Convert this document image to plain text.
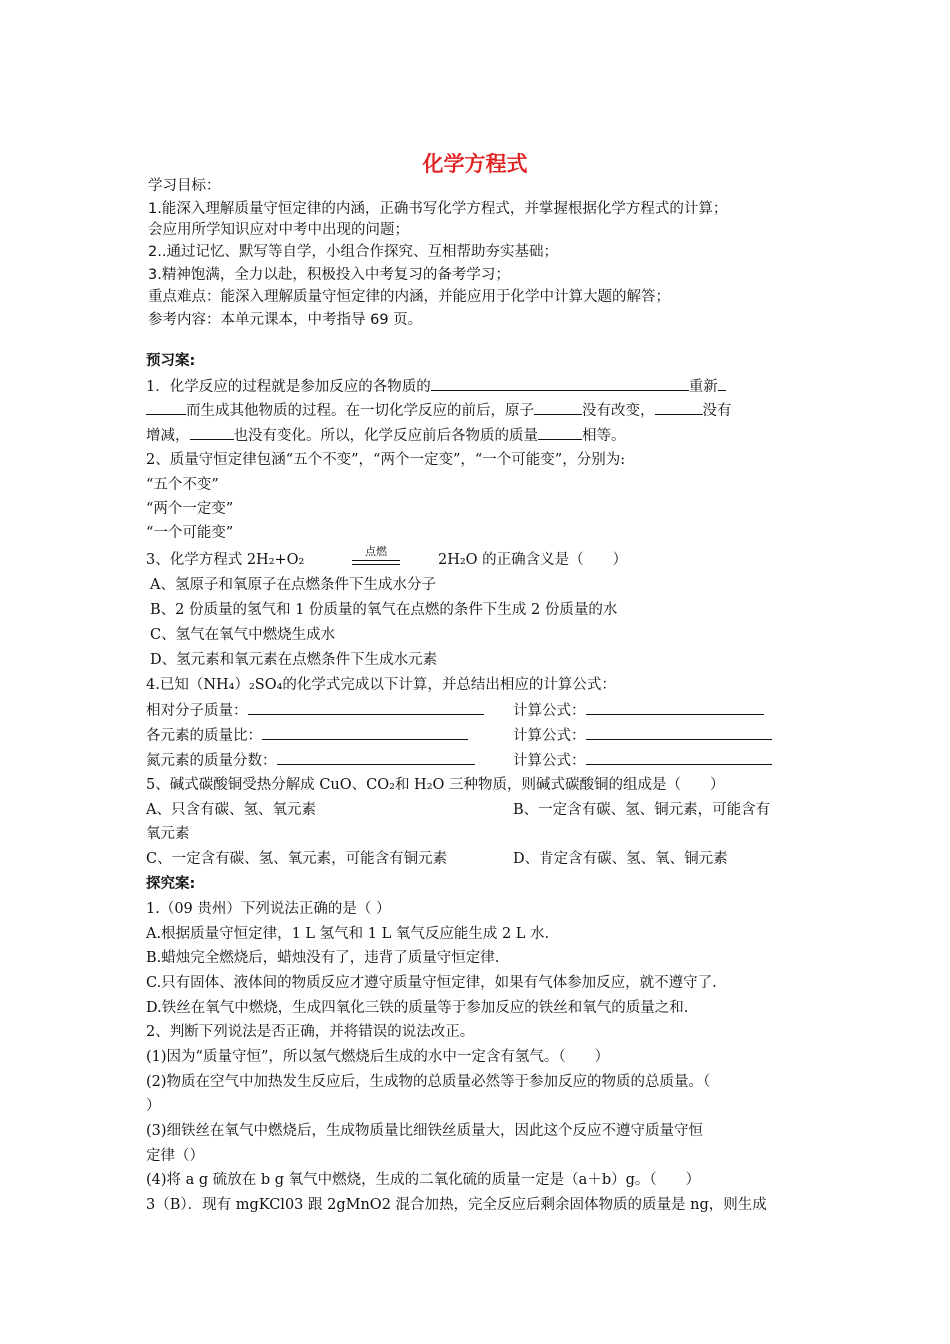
化学方程式
学习目标：
1.能深入理解质量守恒定律的内涵，正确书写化学方程式，并掌握根据化学方程式的计算；
会应用所学知识应对中考中出现的问题；
2..通过记忆、默写等自学，小组合作探究、互相帮助夯实基础；
3.精神饱满，全力以赴，积极投入中考复习的备考学习；
重点难点：能深入理解质量守恒定律的内涵，并能应用于化学中计算大题的解答；
参考内容：本单元课本，中考指导 69 页。
预习案:
1．化学反应的过程就是参加反应的各物质的	重新
而生成其他物质的过程。在一切化学反应的前后，原子	没有改变，	没有
增减，	也没有变化。所以，化学反应前后各物质的质量	相等。
2、质量守恒定律包涵“五个不变”，“两个一定变”，“一个可能变”，分别为:
“五个不变”
“两个一定变”
“一个可能变”
3、化学方程式 2H₂+O₂
点燃
2H₂O 的正确含义是（　　）
A、氢原子和氧原子在点燃条件下生成水分子
B、2 份质量的氢气和 1 份质量的氧气在点燃的条件下生成 2 份质量的水
C、氢气在氧气中燃烧生成水
D、氢元素和氧元素在点燃条件下生成水元素
4.已知（NH₄）₂SO₄的化学式完成以下计算，并总结出相应的计算公式：
相对分子质量：	计算公式：
各元素的质量比：	计算公式：
氮元素的质量分数：	计算公式：
5、碱式碳酸铜受热分解成 CuO、CO₂和 H₂O 三种物质，则碱式碳酸铜的组成是（　　）
A、只含有碳、氢、氧元素	B、一定含有碳、氢、铜元素，可能含有
氧元素
C、一定含有碳、氢、氧元素，可能含有铜元素	D、肯定含有碳、氢、氧、铜元素
探究案:
1.（09 贵州）下列说法正确的是（ ）
A.根据质量守恒定律，1 L 氢气和 1 L 氧气反应能生成 2 L 水.
B.蜡烛完全燃烧后，蜡烛没有了，违背了质量守恒定律.
C.只有固体、液体间的物质反应才遵守质量守恒定律，如果有气体参加反应，就不遵守了.
D.铁丝在氧气中燃烧，生成四氧化三铁的质量等于参加反应的铁丝和氧气的质量之和.
2、判断下列说法是否正确，并将错误的说法改正。
(1)因为“质量守恒”，所以氢气燃烧后生成的水中一定含有氢气。（　　）
(2)物质在空气中加热发生反应后，生成物的总质量必然等于参加反应的物质的总质量。（
）
(3)细铁丝在氧气中燃烧后，生成物质量比细铁丝质量大，因此这个反应不遵守质量守恒
定律（）
(4)将 a g 硫放在 b g 氧气中燃烧，生成的二氧化硫的质量一定是（a＋b）g。（　　）
3（B）．现有 mgKCl03 跟 2gMnO2 混合加热，完全反应后剩余固体物质的质量是 ng，则生成
